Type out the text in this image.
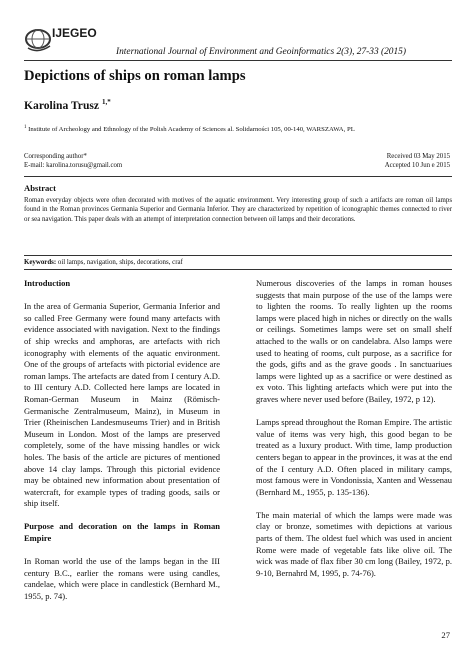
IJEGEO
International Journal of Environment and Geoinformatics 2(3), 27-33 (2015)
Depictions of ships on roman lamps
Karolina Trusz $^{1,*}$
$^1$ Institute of Archeology and Ethnology of the Polish Academy of Sciences al. Solidarności 105, 00-140, WARSZAWA, PL
Corresponding author*
E-mail: karolina.torusu@gmail.com
Received 03 May 2015
Accepted 10 Jun e 2015
Abstract
Roman everyday objects were often decorated with motives of the aquatic environment. Very interesting group of such a artifacts are roman oil lamps found in the Roman provinces Germania Superior and Germania Inferior. They are characterized by repetition of iconographic themes connected to river or sea navigation. This paper deals with an attempt of interpretation connection between oil lamps and their decorations.
Keywords: oil lamps, navigation, ships, decorations, craf
Introduction

In the area of Germania Superior, Germania Inferior and so called Free Germany were found many artefacts with evidence associated with navigation. Next to the findings of ship wrecks and amphoras, are artefacts with rich iconography with elements of the aquatic environment. One of the groups of artefacts with pictorial evidence are roman lamps. The artefacts are dated from I century A.D. to III century A.D. Collected here lamps are located in Roman-German Museum in Mainz (Römisch-Germanische Zentralmuseum, Mainz), in Museum in Trier (Rheinischen Landesmuseums Trier) and in British Museum in London. Most of the lamps are preserved completely, some of the have missing handles or wick holes. The basis of the article are pictures of mentioned above 14 clay lamps. Through this pictorial evidence may be obtained new information about presentation of watercraft, for example types of trading goods, sails or ship itself.

Purpose and decoration on the lamps in Roman Empire

In Roman world the use of the lamps began in the III century B.C., earlier the romans were using candles, candelae, which were place in candlestick (Bernhard M., 1955, p. 74).

Numerous discoveries of the lamps in roman houses suggests that main purpose of the use of the lamps were to lighten the rooms. To really lighten up the rooms lamps were placed high in niches or directly on the walls or ceilings. Sometimes lamps were set on small shelf attached to the walls or on candelabra. Also lamps were used to heating of rooms, cult purpose, as a sacrifice for the gods, gifts and as the grave goods . In sanctuariues lamps were lighted up as a sacrifice or were destined as ex voto. This lighting artefacts which were put into the graves where never used before (Bailey, 1972, p 12).

Lamps spread throughout the Roman Empire. The artistic value of items was very high, this good began to be treated as a luxury product. With time, lamp production centers began to appear in the provinces, it was at the end of the I century A.D. Often placed in military camps, most famous were in Vondonissia, Xanten and Wessenau (Bernhard M., 1955, p. 135-136).

The main material of which the lamps were made was clay or bronze, sometimes with depictions at various parts of them. The oldest fuel which was used in ancient Rome were made of vegetable fats like olive oil. The wick was made of flax fiber 30 cm long (Bailey, 1972, p. 9-10, Bernahrd M, 1995, p. 74-76).

27
